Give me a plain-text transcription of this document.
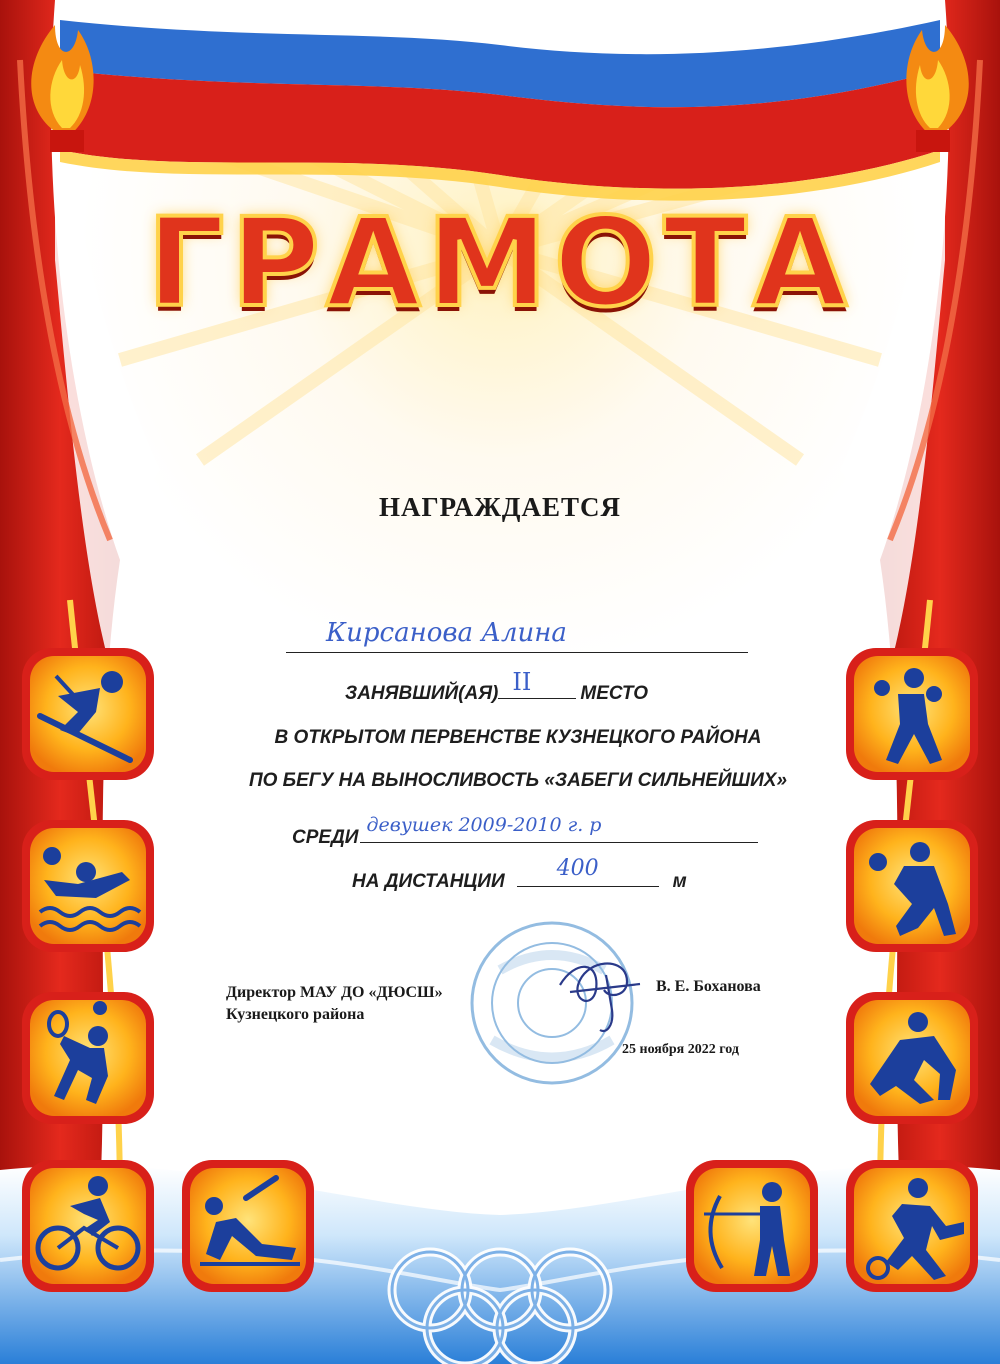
ГРАМОТА
НАГРАЖДАЕТСЯ
Кирсанова Алина
ЗАНЯВШИЙ(АЯ) II	МЕСТО
В ОТКРЫТОМ ПЕРВЕНСТВЕ КУЗНЕЦКОГО РАЙОНА
ПО БЕГУ НА ВЫНОСЛИВОСТЬ «ЗАБЕГИ СИЛЬНЕЙШИХ»
СРЕДИ
девушек 2009-2010 г. р
НА ДИСТАНЦИИ
400
м
Директор МАУ ДО «ДЮСШ»
Кузнецкого района
В. Е. Боханова
25 ноября 2022 год
